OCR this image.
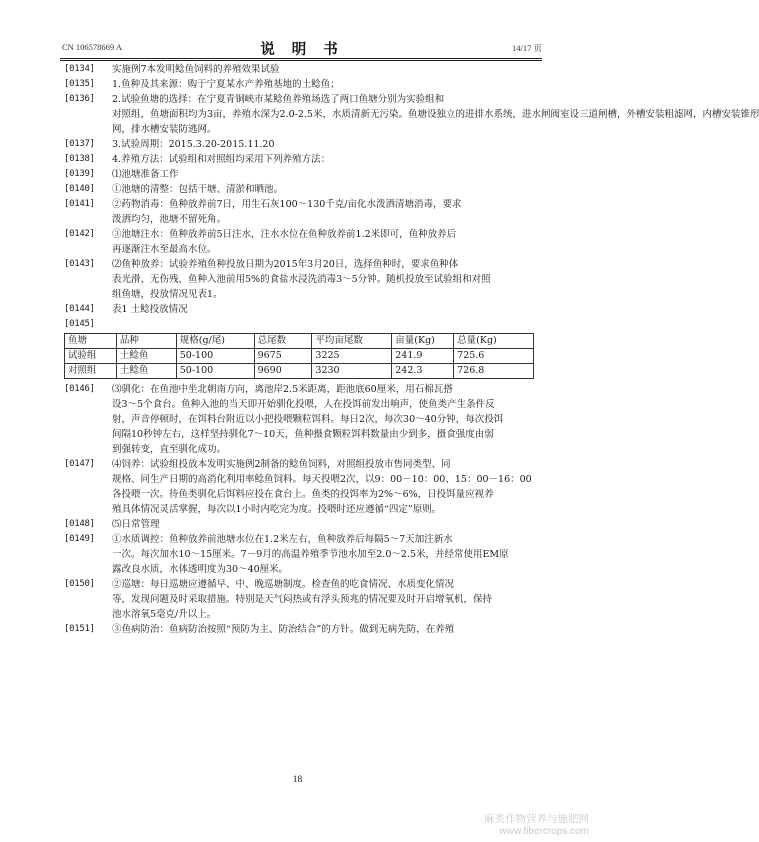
CN 106578669 A	说 明 书	14/17 页
[0134]	实施例7本发明鲶鱼饲料的养殖效果试验
[0135]	1.鱼种及其来源：购于宁夏某水产养殖基地的土鲶鱼；
[0136]	2.试验鱼塘的选择：在宁夏青铜峡市某鲶鱼养殖场选了两口鱼塘分别为实验组和
对照组，鱼塘面积均为3亩，养殖水深为2.0-2.5米，水质清新无污染。鱼塘设独立的进排水系统，进水闸阀室设三道闸槽，外槽安装粗滤网，内槽安装锥形
网，排水槽安装防逃网。
[0137]	3.试验周期：2015.3.20-2015.11.20
[0138]	4.养殖方法：试验组和对照组均采用下列养殖方法：
[0139]	⑴池塘准备工作
[0140]	①池塘的清整：包括干塘、清淤和晒池。
[0141]	②药物消毒：鱼种放养前7日，用生石灰100～130千克/亩化水泼洒清塘消毒，要求
泼洒均匀，池塘不留死角。
[0142]	③池塘注水：鱼种放养前5日注水，注水水位在鱼种放养前1.2米即可，鱼种放养后
再逐渐注水至最高水位。
[0143]	⑵鱼种放养：试验养殖鱼种投放日期为2015年3月20日，选择鱼种时，要求鱼种体
表光滑、无伤残，鱼种入池前用5%的食盐水浸洗消毒3～5分钟。随机投放至试验组和对照
组鱼塘，投放情况见表1。
[0144]	表1 土鲶投放情况
[0145]
鱼塘	品种	规格(g/尾)	总尾数	平均亩尾数	亩量(Kg)	总量(Kg)
试验组	土鲶鱼	50-100	9675	3225	241.9	725.6
对照组	土鲶鱼	50-100	9690	3230	242.3	726.8
[0146]	⑶驯化：在鱼池中坐北朝南方向，离池岸2.5米距离，距池底60厘米，用石棉瓦搭
设3～5个食台。鱼种入池的当天即开始驯化投喂，人在投饵前发出响声，使鱼类产生条件反
射，声音停顿时，在饵料台附近以小把投喂颗粒饵料。每日2次，每次30～40分钟，每次投饵
间隔10秒钟左右，这样坚持驯化7～10天，鱼种摄食颗粒饵料数量由少到多，摄食强度由弱
到强转变，直至驯化成功。
[0147]	⑷饲养：试验组投放本发明实施例2制备的鲶鱼饲料，对照组投放市售同类型、同
规格、同生产日期的高消化利用率鲶鱼饲料。每天投喂2次，以9：00－10：00、15：00－16：00
各投喂一次。待鱼类驯化后饵料应投在食台上。鱼类的投饵率为2%～6%，日投饵量应视养
殖具体情况灵活掌握，每次以1小时内吃完为度。投喂时还应遵循“四定”原则。
[0148]	⑸日常管理
[0149]	①水质调控：鱼种放养前池塘水位在1.2米左右，鱼种放养后每隔5～7天加注新水
一次。每次加水10～15厘米。7－9月的高温养殖季节池水加至2.0～2.5米，并经常使用EM原
露改良水质，水体透明度为30～40厘米。
[0150]	②巡塘：每日巡塘应遵循早、中、晚巡塘制度。检查鱼的吃食情况、水质变化情况
等，发现问题及时采取措施。特别是天气闷热或有浮头预兆的情况要及时开启增氧机，保持
池水溶氧5毫克/升以上。
[0151]	③鱼病防治：鱼病防治按照“预防为主、防治结合”的方针。做到无病先防，在养殖
18
麻类作物营养与施肥网
www.fibercrops.com
